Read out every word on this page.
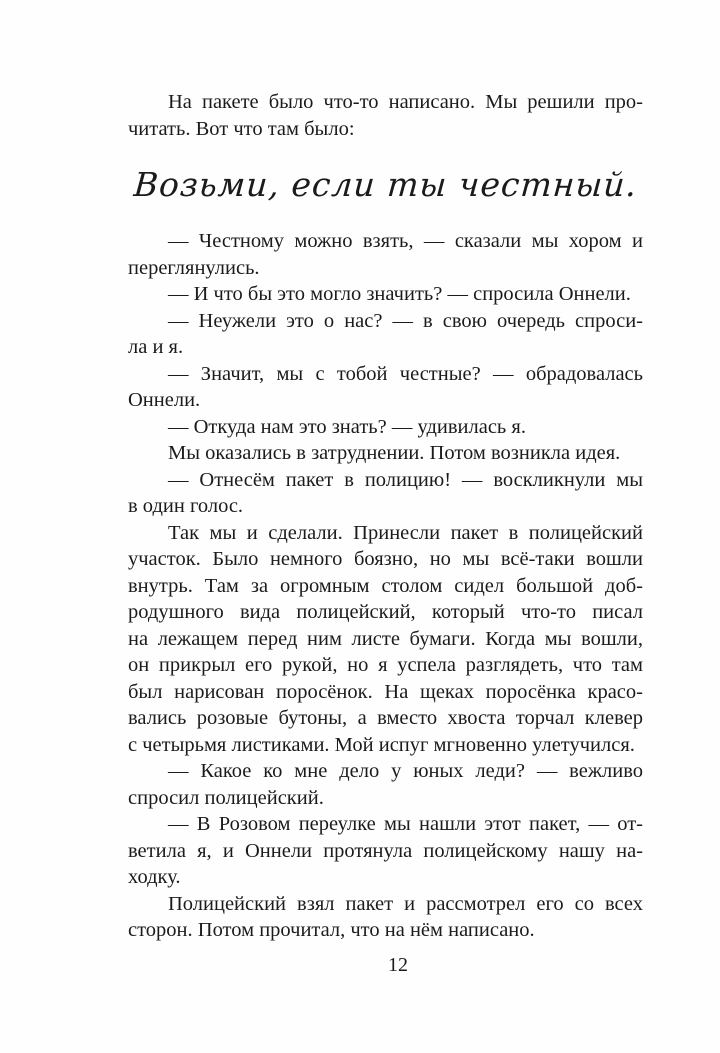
На пакете было что-то написано. Мы решили про-
читать. Вот что там было:
Возьми, если ты честный.
— Честному можно взять, — сказали мы хором и
переглянулись.
— И что бы это могло значить? — спросила Оннели.
— Неужели это о нас? — в свою очередь спроси-
ла и я.
— Значит, мы с тобой честные? — обрадовалась
Оннели.
— Откуда нам это знать? — удивилась я.
Мы оказались в затруднении. Потом возникла идея.
— Отнесём пакет в полицию! — воскликнули мы
в один голос.
Так мы и сделали. Принесли пакет в полицейский
участок. Было немного боязно, но мы всё-таки вошли
внутрь. Там за огромным столом сидел большой доб-
родушного вида полицейский, который что-то писал
на лежащем перед ним листе бумаги. Когда мы вошли,
он прикрыл его рукой, но я успела разглядеть, что там
был нарисован поросёнок. На щеках поросёнка красо-
вались розовые бутоны, а вместо хвоста торчал клевер
с четырьмя листиками. Мой испуг мгновенно улетучился.
— Какое ко мне дело у юных леди? — вежливо
спросил полицейский.
— В Розовом переулке мы нашли этот пакет, — от-
ветила я, и Оннели протянула полицейскому нашу на-
ходку.
Полицейский взял пакет и рассмотрел его со всех
сторон. Потом прочитал, что на нём написано.
12
